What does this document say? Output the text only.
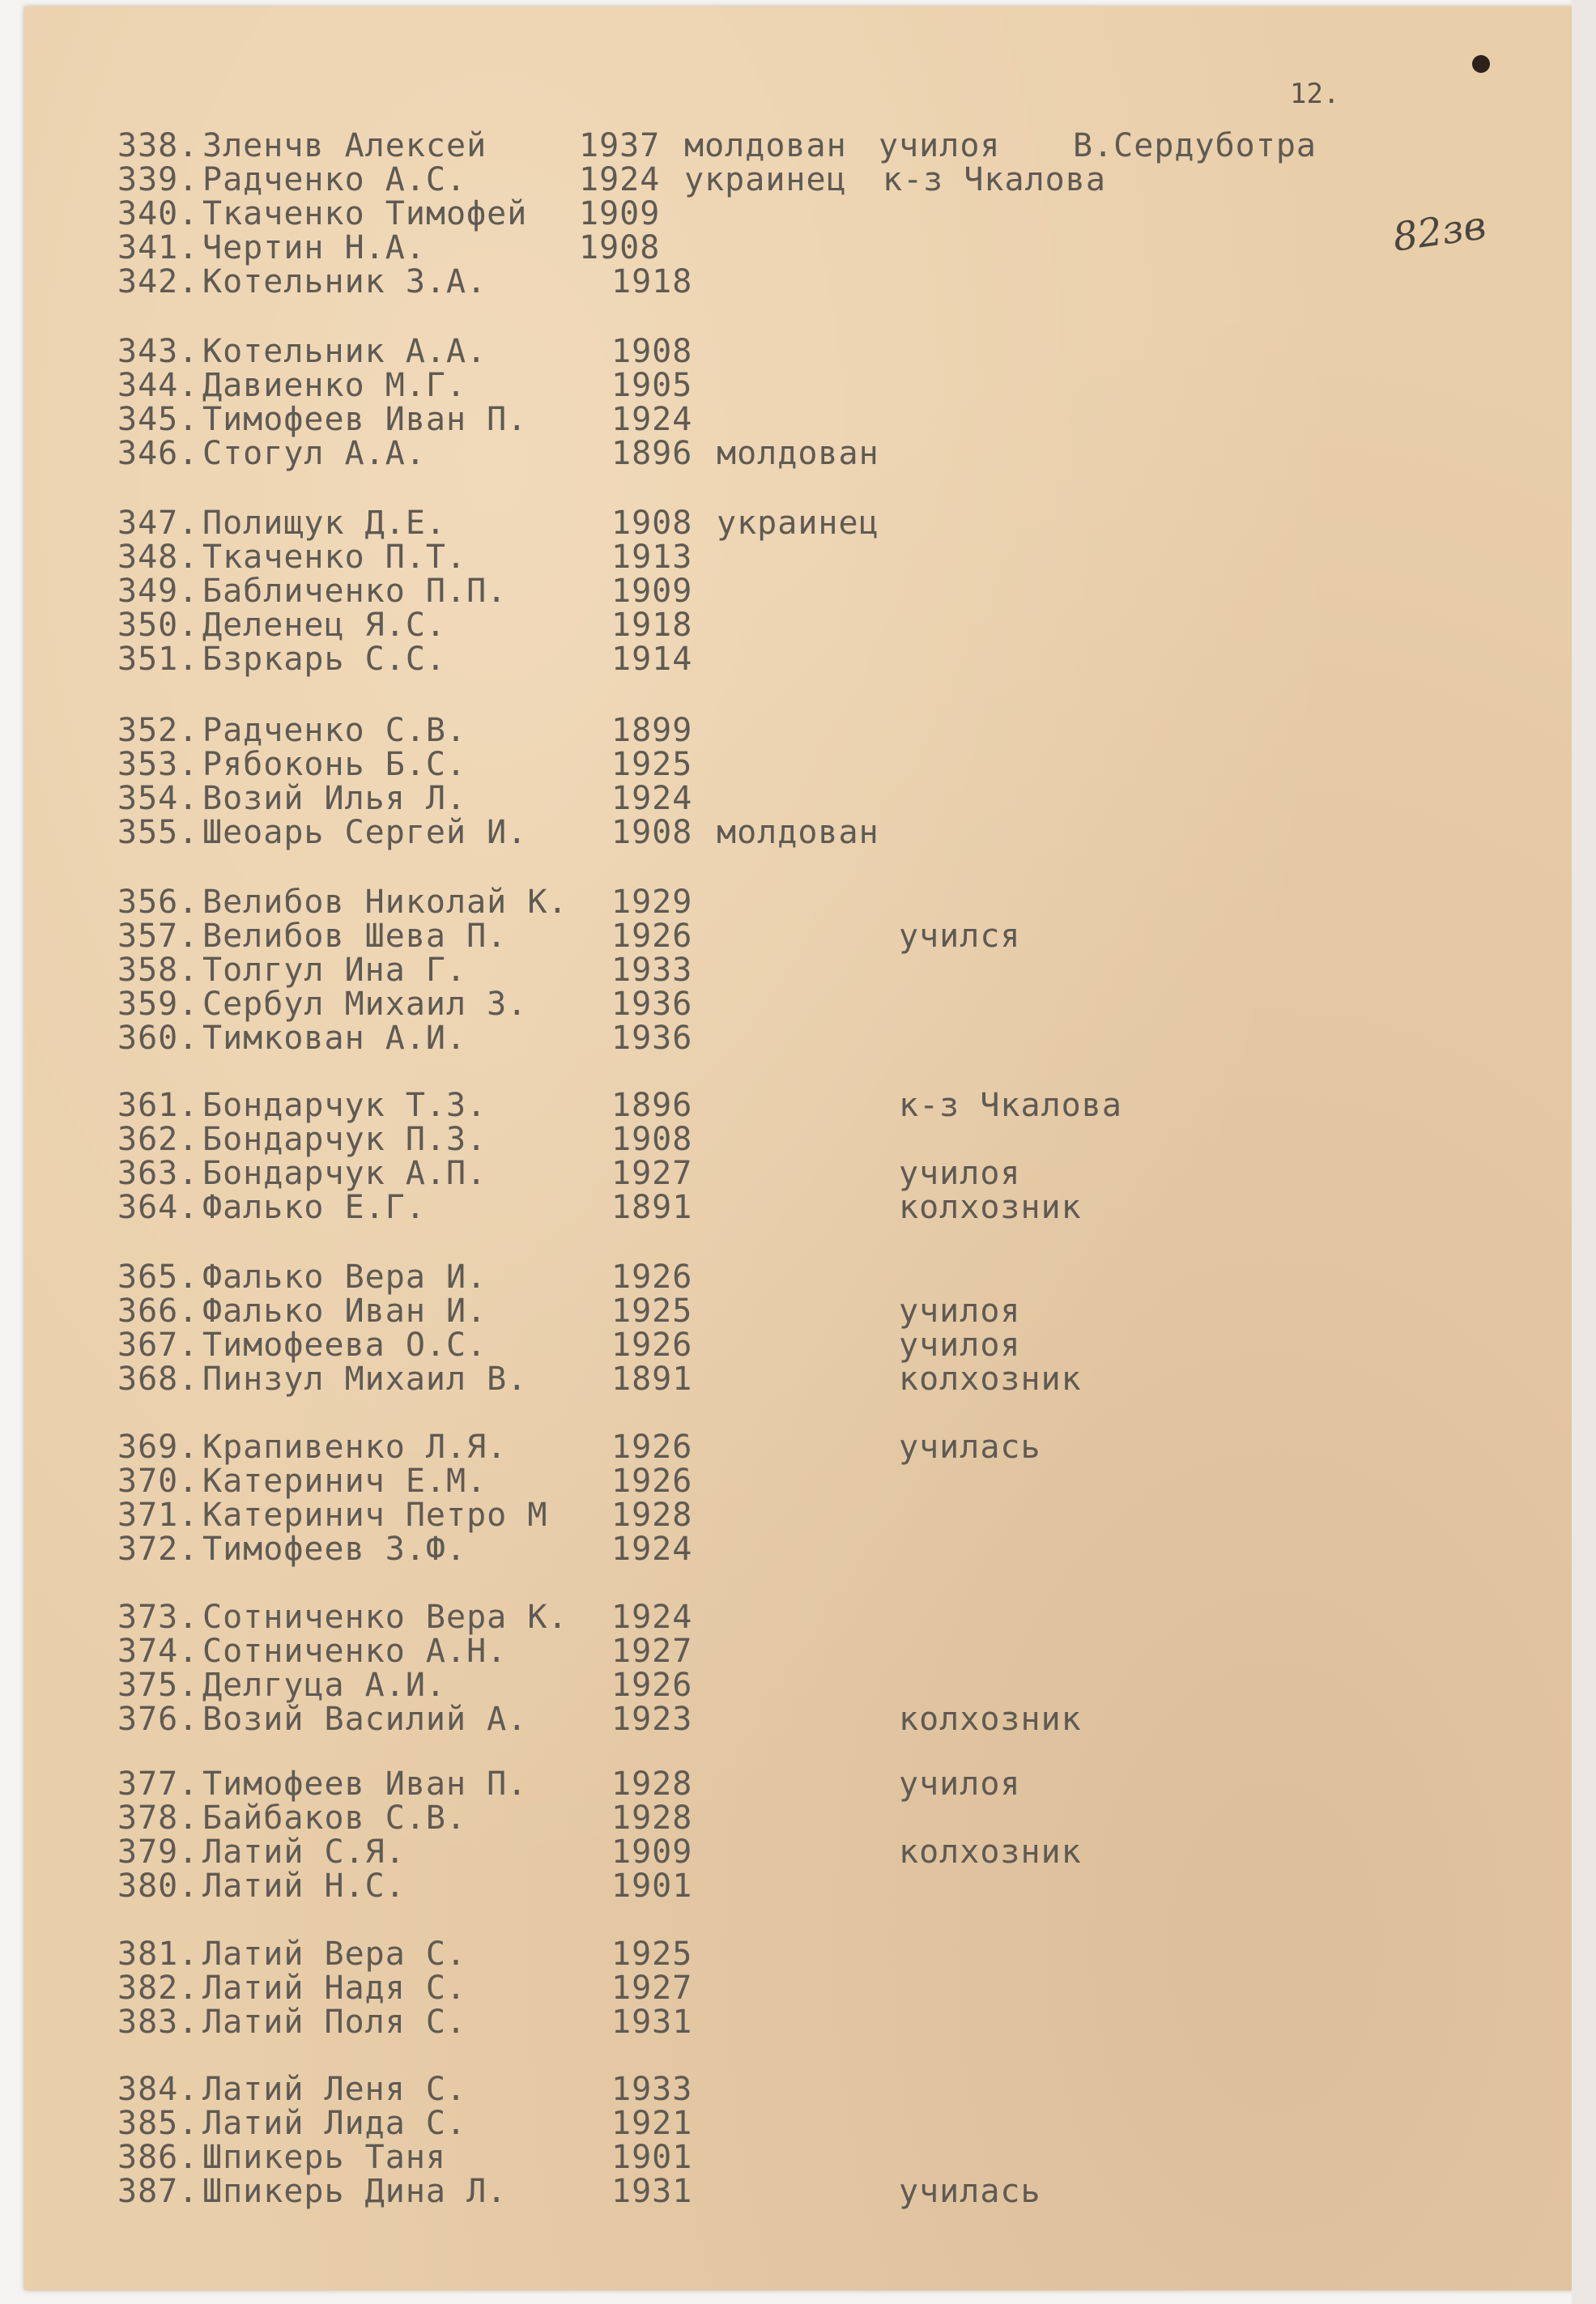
12.
82зв
338. Зленчв Алексей	1937 молдован училоя В.Сердуботра
339. Радченко А.С.	1924 украинец к-з Чкалова
340. Ткаченко Тимофей 1909
341. Чертин Н.А.	1908
342. Котельник З.А.	1918
343. Котельник А.А.	1908
344. Давиенко М.Г.	1905
345. Тимофеев Иван П.	1924
346. Стогул А.А.	1896 молдован
347. Полищук Д.Е.	1908 украинец
348. Ткаченко П.Т.	1913
349. Бабличенко П.П.	1909
350. Деленец Я.С.	1918
351. Бзркарь С.С.	1914
352. Радченко С.В.	1899
353. Рябоконь Б.С.	1925
354. Возий Илья Л.	1924
355. Шеоарь Сергей И.	1908 молдован
356. Велибов Николай К. 1929
357. Велибов Шева П.	1926	учился
358. Толгул Ина Г.	1933
359. Сербул Михаил З.	1936
360. Тимкован А.И.	1936
361. Бондарчук Т.З.	1896	к-з Чкалова
362. Бондарчук П.З.	1908
363. Бондарчук А.П.	1927	училоя
364. Фалько Е.Г.	1891	колхозник
365. Фалько Вера И.	1926
366. Фалько Иван И.	1925	училоя
367. Тимофеева О.С.	1926	училоя
368. Пинзул Михаил В.	1891	колхозник
369. Крапивенко Л.Я.	1926	училась
370. Катеринич Е.М.	1926
371. Катеринич Петро М 1928
372. Тимофеев З.Ф.	1924
373. Сотниченко Вера К. 1924
374. Сотниченко А.Н.	1927
375. Делгуца А.И.	1926
376. Возий Василий А.	1923	колхозник
377. Тимофеев Иван П.	1928	училоя
378. Байбаков С.В.	1928
379. Латий С.Я.	1909	колхозник
380. Латий Н.С.	1901
381. Латий Вера С.	1925
382. Латий Надя С.	1927
383. Латий Поля С.	1931
384. Латий Леня С.	1933
385. Латий Лида С.	1921
386. Шпикерь Таня	1901
387. Шпикерь Дина Л.	1931	училась
